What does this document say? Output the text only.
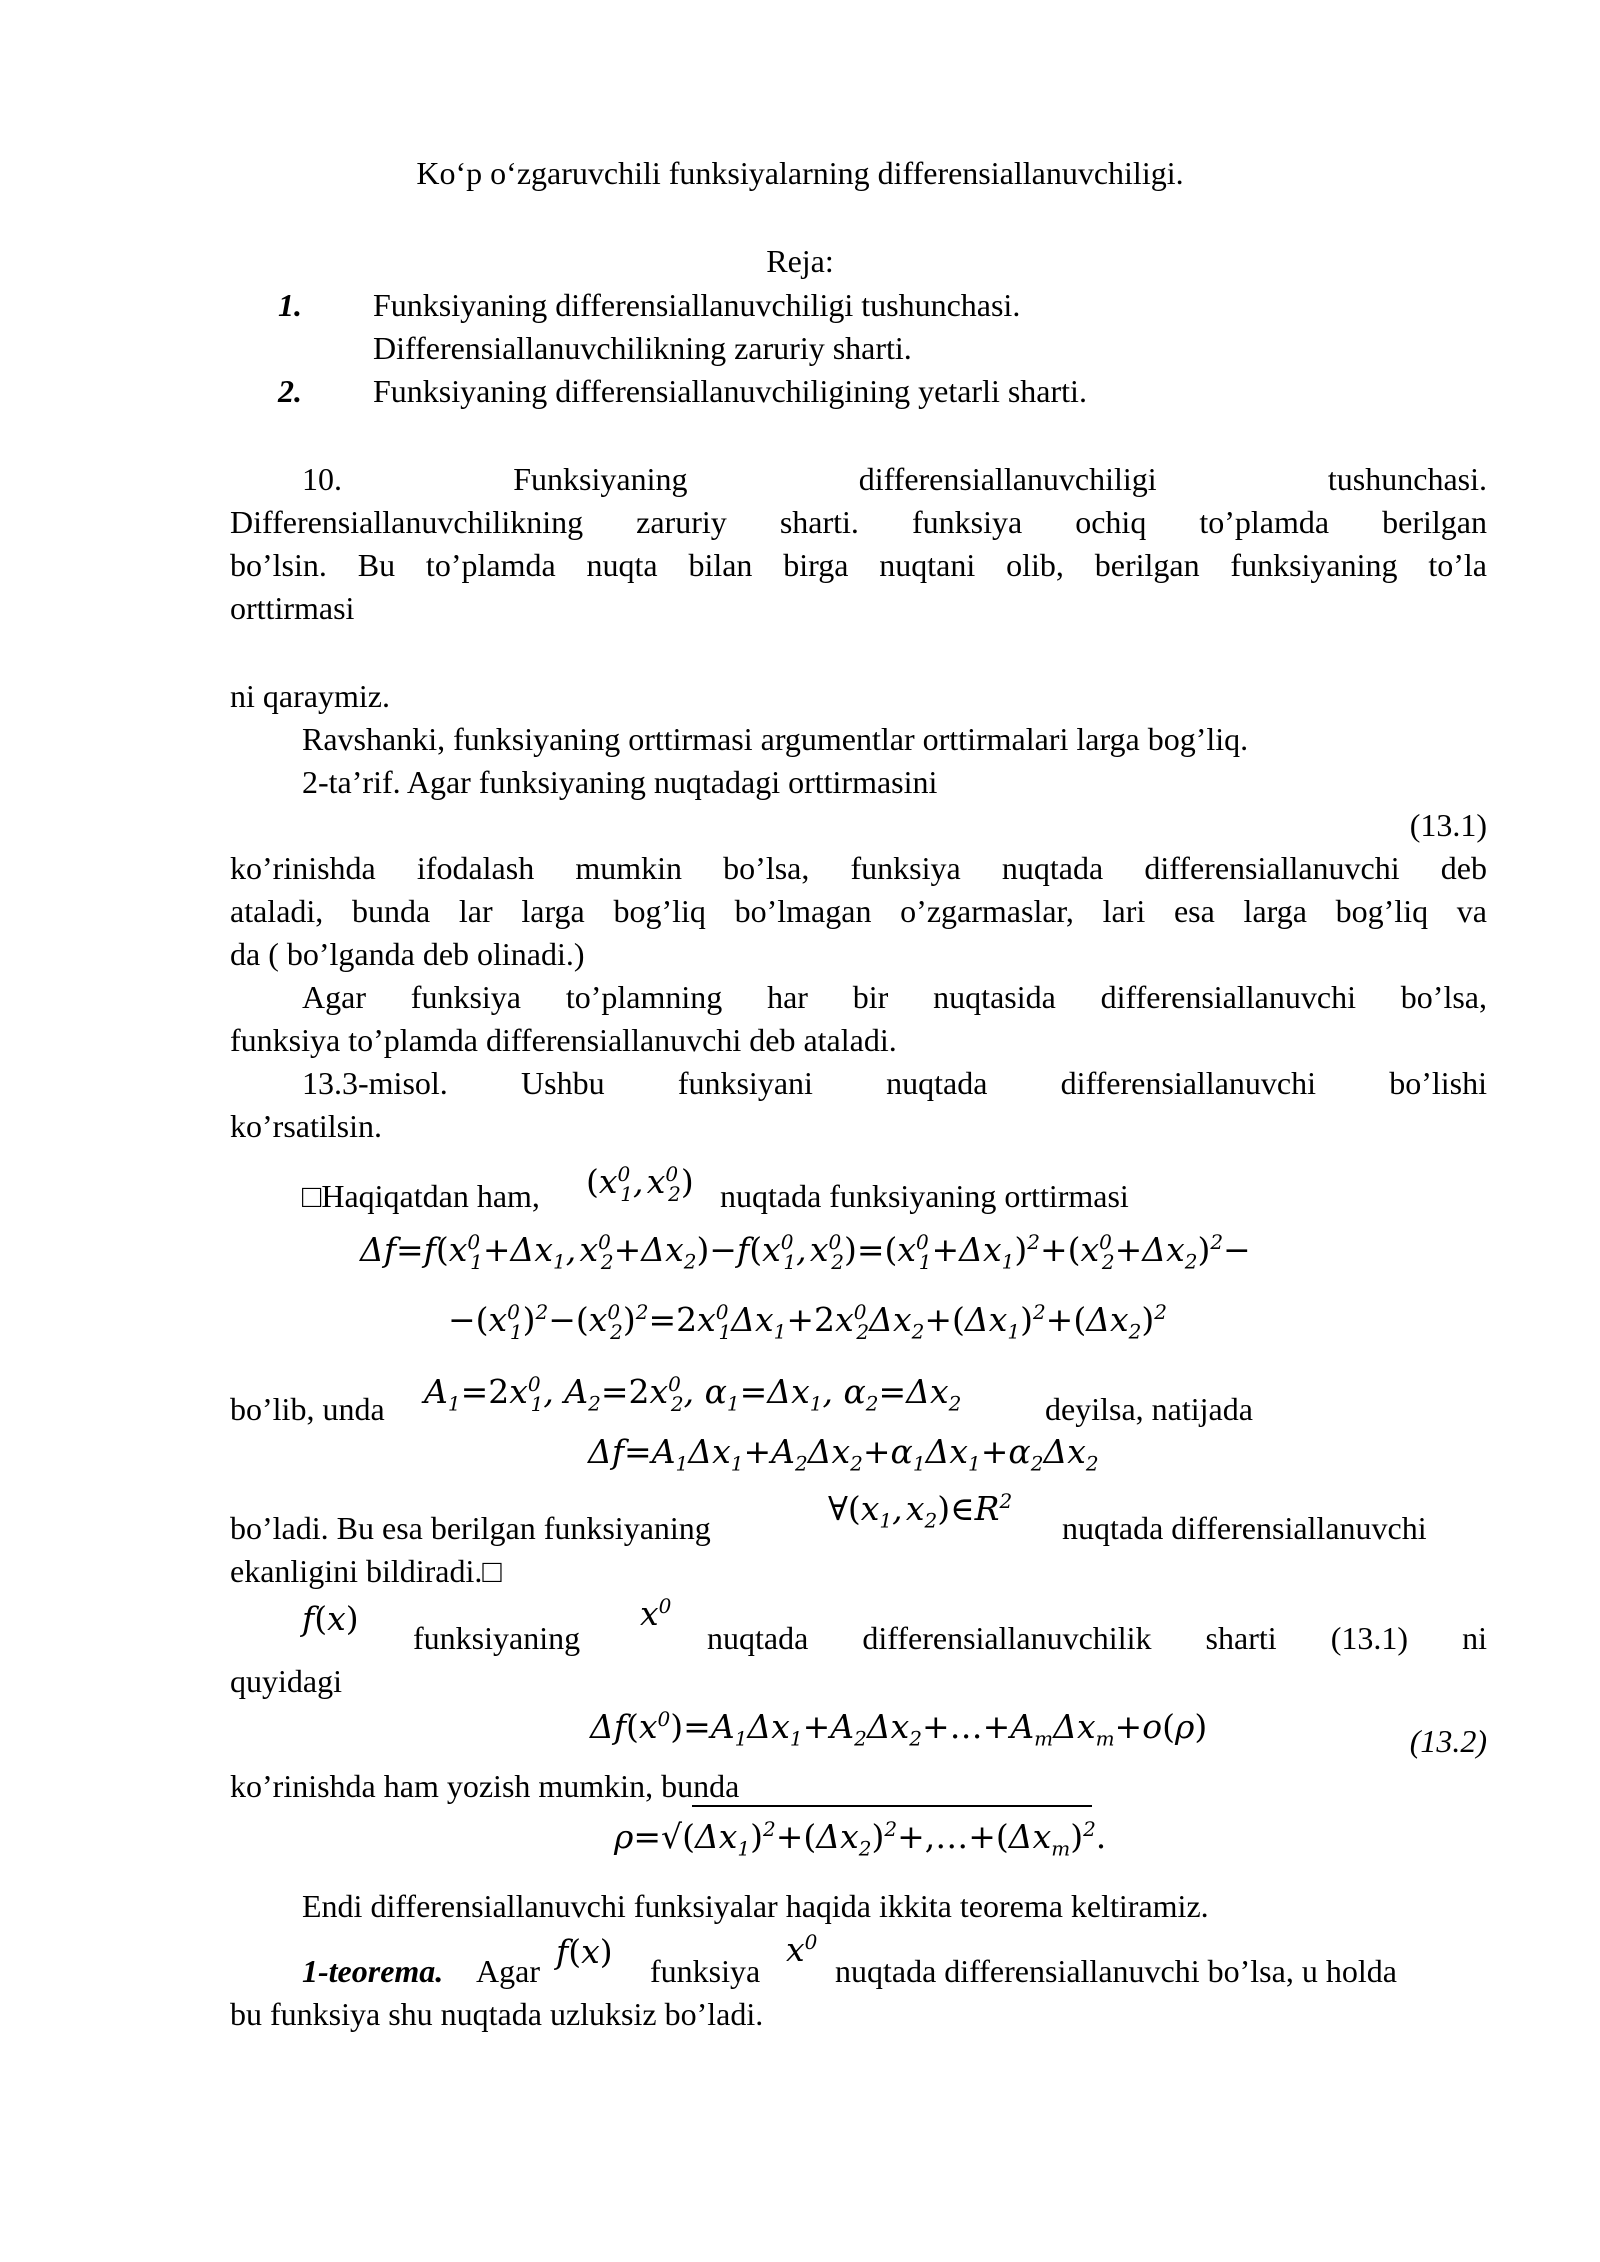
Ko‘p o‘zgaruvchili funksiyalarning differensiallanuvchiligi.
Reja:
1. Funksiyaning differensiallanuvchiligi tushunchasi.
Differensiallanuvchilikning zaruriy sharti.
2. Funksiyaning differensiallanuvchiligining yetarli sharti.
10. Funksiyaning differensiallanuvchiligi tushunchasi.
Differensiallanuvchilikning zaruriy sharti. funksiya ochiq to’plamda berilgan
bo’lsin. Bu to’plamda nuqta bilan birga nuqtani olib, berilgan funksiyaning to’la
orttirmasi
ni qaraymiz.
Ravshanki, funksiyaning orttirmasi argumentlar orttirmalari larga bog’liq.
2-ta’rif. Agar funksiyaning nuqtadagi orttirmasini
(13.1)
ko’rinishda ifodalash mumkin bo’lsa, funksiya nuqtada differensiallanuvchi deb
ataladi, bunda lar larga bog’liq bo’lmagan o’zgarmaslar, lari esa larga bog’liq va
da ( bo’lganda deb olinadi.)
Agar funksiya to’plamning har bir nuqtasida differensiallanuvchi bo’lsa,
funksiya to’plamda differensiallanuvchi deb ataladi.
13.3-misol. Ushbu funksiyani nuqtada differensiallanuvchi bo’lishi
ko’rsatilsin.
□Haqiqatdan ham, ($x^0_1$, $x^0_2$) nuqtada funksiyaning orttirmasi
$\Delta f=f(x^0_1+\Delta x_1$, $x^0_2+\Delta x_2)-f(x^0_1$, $x^0_2)=(x^0_1+\Delta x_1)^2+(x^0_2+\Delta x_2)^2-$
$-(x^0_1)^2-(x^0_2)^2=2x^0_1\Delta x_1+2x^0_2\Delta x_2+(\Delta x_1)^2+(\Delta x_2)^2$
bo’lib, unda $A_1=2x^0_1$, $A_2=2x^0_2$, $\alpha_1=\Delta x_1$, $\alpha_2=\Delta x_2$	deyilsa, natijada
$\Delta f=A_1\Delta x_1+A_2\Delta x_2+\alpha_1\Delta x_1+\alpha_2\Delta x_2$
bo’ladi. Bu esa berilgan funksiyaning	$\forall(x_1$, $x_2)\in R^2$
nuqtada differensiallanuvchi
ekanligini bildiradi.□
f(x) funksiyaning
$x^0$
nuqtada differensiallanuvchilik sharti (13.1) ni
quyidagi
$\Delta f(x^0)=A_1\Delta x_1+A_2\Delta x_2+\dots+A_m\Delta x_m+o(\rho)$	(13.2)
ko’rinishda ham yozish mumkin, bunda
$\rho=√(\Delta x_1)^2+(\Delta x_2)^2+,\dots+(\Delta x_m)^2$.
Endi differensiallanuvchi funksiyalar haqida ikkita teorema keltiramiz.
1-teorema. Agar f(x) funksiya
$x^0$
nuqtada differensiallanuvchi bo’lsa, u holda
bu funksiya shu nuqtada uzluksiz bo’ladi.
